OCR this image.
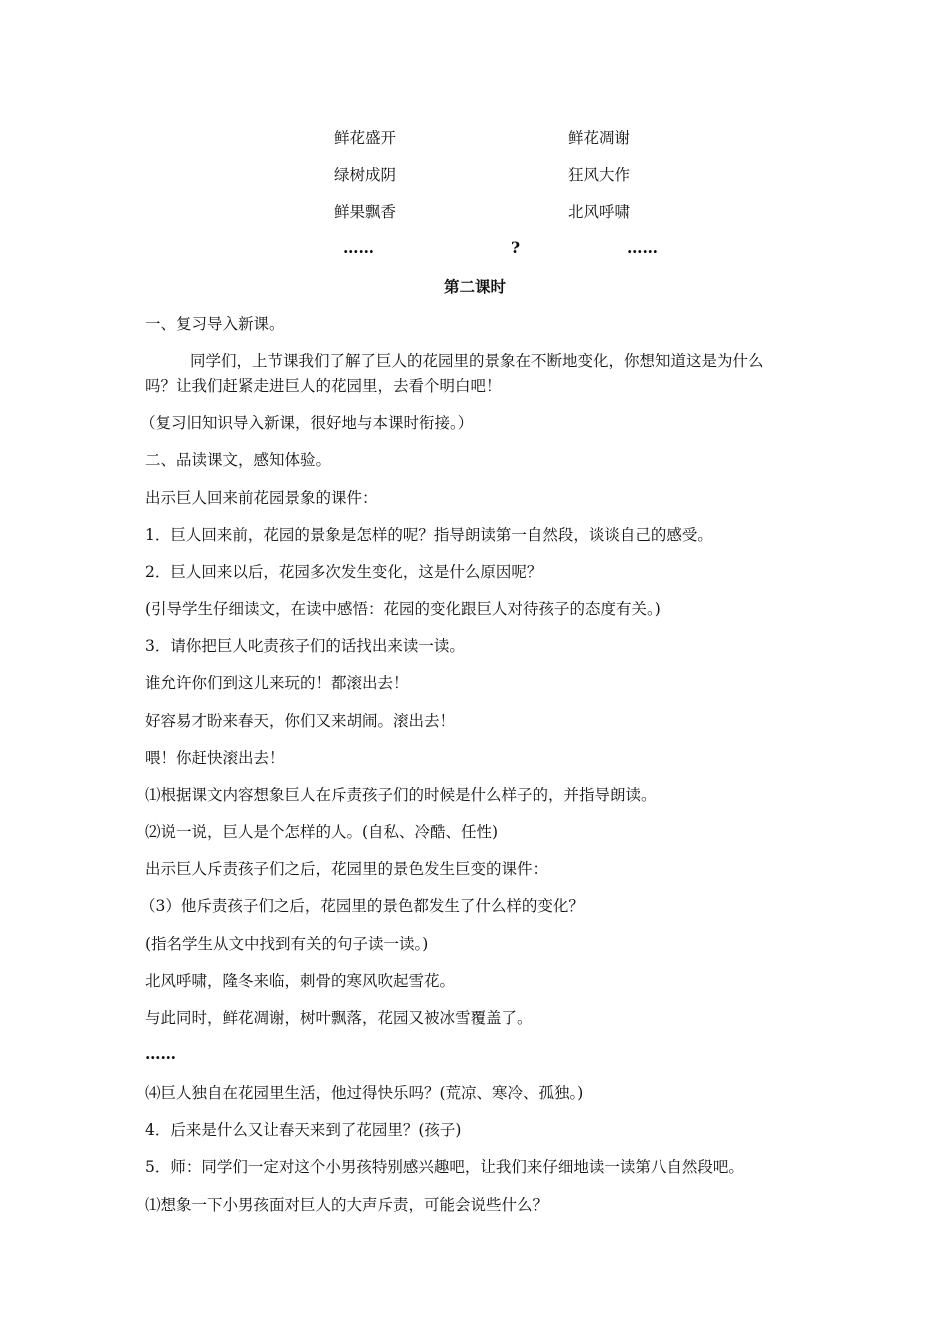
鲜花盛开	鲜花凋谢
绿树成阴	狂风大作
鲜果飘香	北风呼啸
……	?	……
第二课时
一、复习导入新课。
同学们，上节课我们了解了巨人的花园里的景象在不断地变化，你想知道这是为什么
吗？让我们赶紧走进巨人的花园里，去看个明白吧！
（复习旧知识导入新课，很好地与本课时衔接。）
二、品读课文，感知体验。
出示巨人回来前花园景象的课件：
1．巨人回来前，花园的景象是怎样的呢？指导朗读第一自然段，谈谈自己的感受。
2．巨人回来以后，花园多次发生变化，这是什么原因呢？
(引导学生仔细读文，在读中感悟：花园的变化跟巨人对待孩子的态度有关。)
3．请你把巨人叱责孩子们的话找出来读一读。
谁允许你们到这儿来玩的！都滚出去！
好容易才盼来春天，你们又来胡闹。滚出去！
喂！你赶快滚出去！
⑴根据课文内容想象巨人在斥责孩子们的时候是什么样子的，并指导朗读。
⑵说一说，巨人是个怎样的人。(自私、冷酷、任性)
出示巨人斥责孩子们之后，花园里的景色发生巨变的课件：
（3）他斥责孩子们之后，花园里的景色都发生了什么样的变化？
(指名学生从文中找到有关的句子读一读。)
北风呼啸，隆冬来临，刺骨的寒风吹起雪花。
与此同时，鲜花凋谢，树叶飘落，花园又被冰雪覆盖了。
……
⑷巨人独自在花园里生活，他过得快乐吗？(荒凉、寒冷、孤独。)
4．后来是什么又让春天来到了花园里？(孩子)
5．师：同学们一定对这个小男孩特别感兴趣吧，让我们来仔细地读一读第八自然段吧。
⑴想象一下小男孩面对巨人的大声斥责，可能会说些什么？
